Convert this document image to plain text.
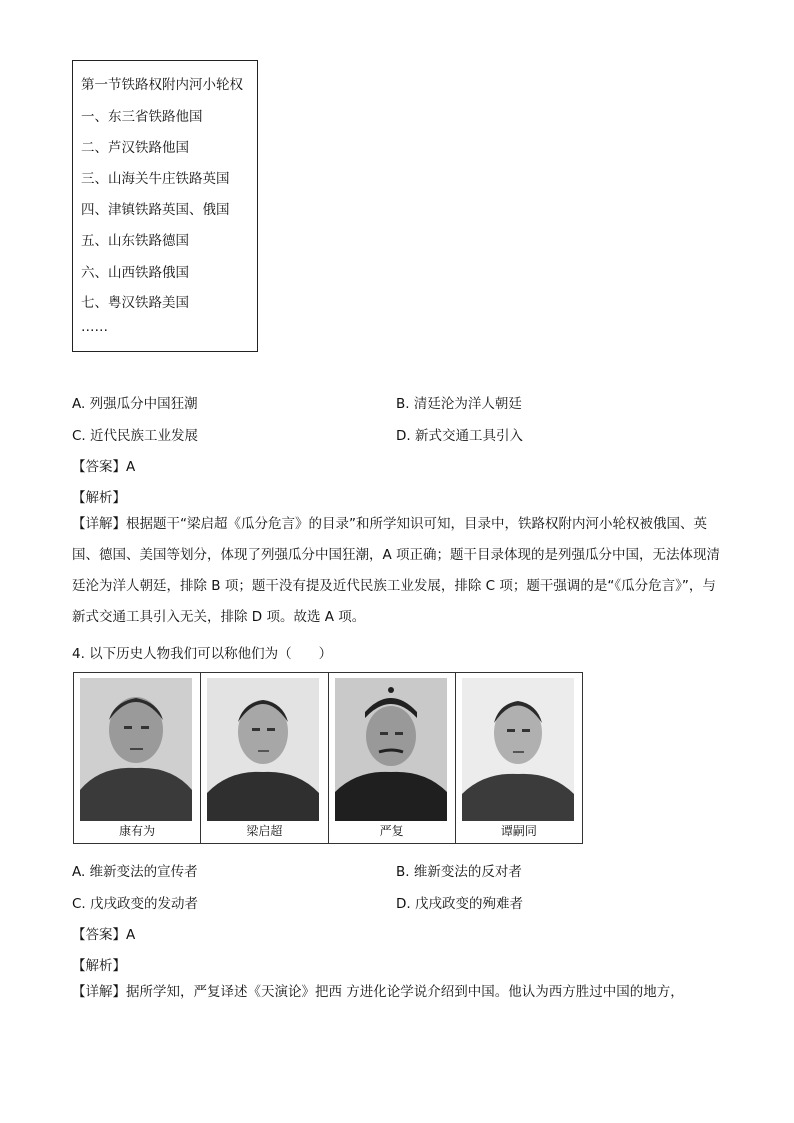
第一节铁路权附内河小轮权
一、东三省铁路他国
二、芦汉铁路他国
三、山海关牛庄铁路英国
四、津镇铁路英国、俄国
五、山东铁路德国
六、山西铁路俄国
七、粤汉铁路美国
……
A. 列强瓜分中国狂潮	B. 清廷沦为洋人朝廷
C. 近代民族工业发展	D. 新式交通工具引入
【答案】A
【解析】
【详解】根据题干“梁启超《瓜分危言》的目录”和所学知识可知，目录中，铁路权附内河小轮权被俄国、英国、德国、美国等划分，体现了列强瓜分中国狂潮，A 项正确；题干目录体现的是列强瓜分中国，无法体现清廷沦为洋人朝廷，排除 B 项；题干没有提及近代民族工业发展，排除 C 项；题干强调的是“《瓜分危言》”，与新式交通工具引入无关，排除 D 项。故选 A 项。
4. 以下历史人物我们可以称他们为（　　）
康有为	梁启超	严复	谭嗣同
A. 维新变法的宣传者	B. 维新变法的反对者
C. 戊戌政变的发动者	D. 戊戌政变的殉难者
【答案】A
【解析】
【详解】据所学知，严复译述《天演论》把西 方进化论学说介绍到中国。他认为西方胜过中国的地方，
